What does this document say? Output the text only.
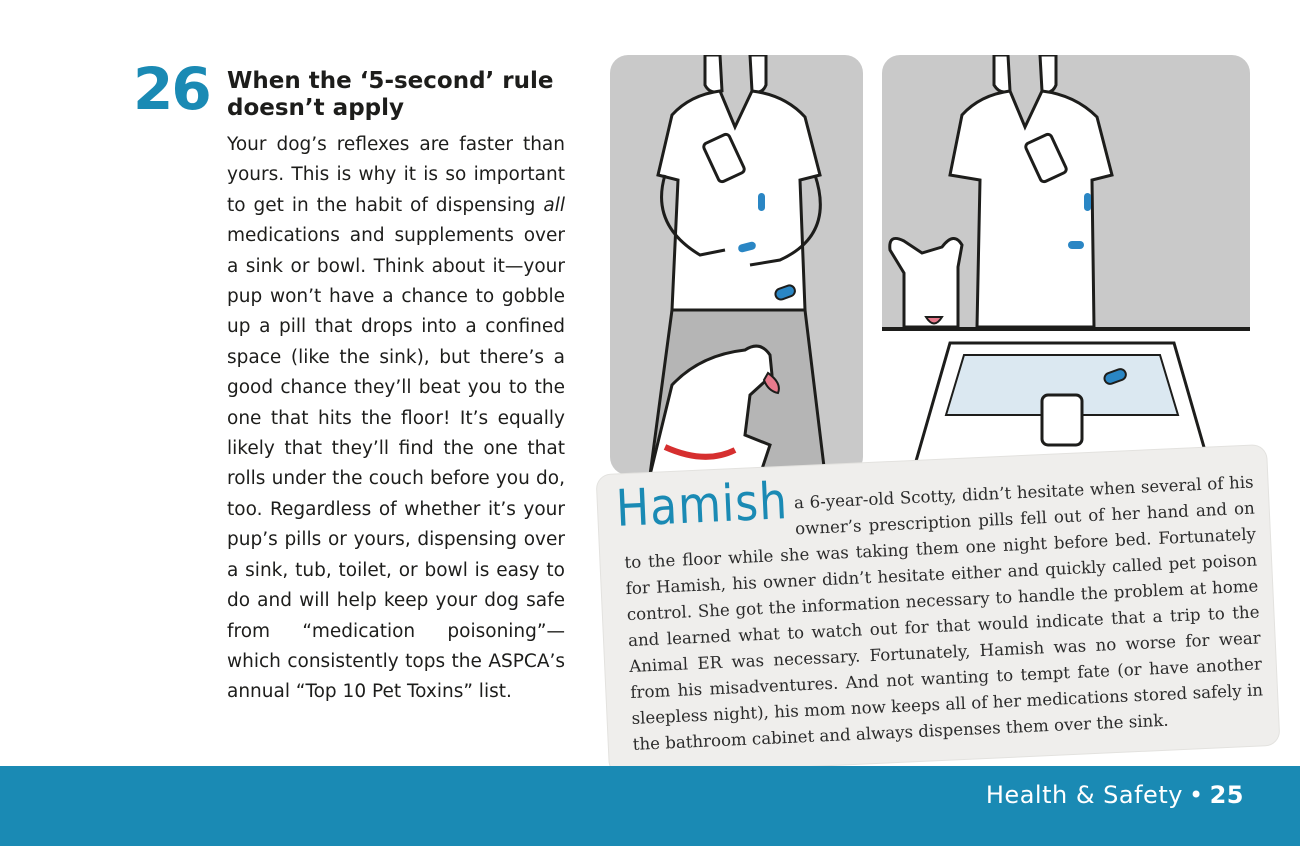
26 When the ‘5-second’ rule
doesn’t apply
Your dog’s reflexes are faster than yours. This is why it is so important to get in the habit of dispensing all medications and supplements over a sink or bowl. Think about it—your pup won’t have a chance to gobble up a pill that drops into a confined space (like the sink), but there’s a good chance they’ll beat you to the one that hits the floor! It’s equally likely that they’ll find the one that rolls under the couch before you do, too. Regardless of whether it’s your pup’s pills or yours, dispensing over a sink, tub, toilet, or bowl is easy to do and will help keep your dog safe from “medication poisoning”—which consistently tops the ASPCA’s annual “Top 10 Pet Toxins” list.
Hamish a 6-year-old Scotty, didn’t hesitate when several of his owner’s prescription pills fell out of her hand and on to the floor while she was taking them one night before bed. Fortunately for Hamish, his owner didn’t hesitate either and quickly called pet poison control. She got the information necessary to handle the problem at home and learned what to watch out for that would indicate that a trip to the Animal ER was necessary. Fortunately, Hamish was no worse for wear from his misadventures. And not wanting to tempt fate (or have another sleepless night), his mom now keeps all of her medications stored safely in the bathroom cabinet and always dispenses them over the sink.
Health & Safety • 25
